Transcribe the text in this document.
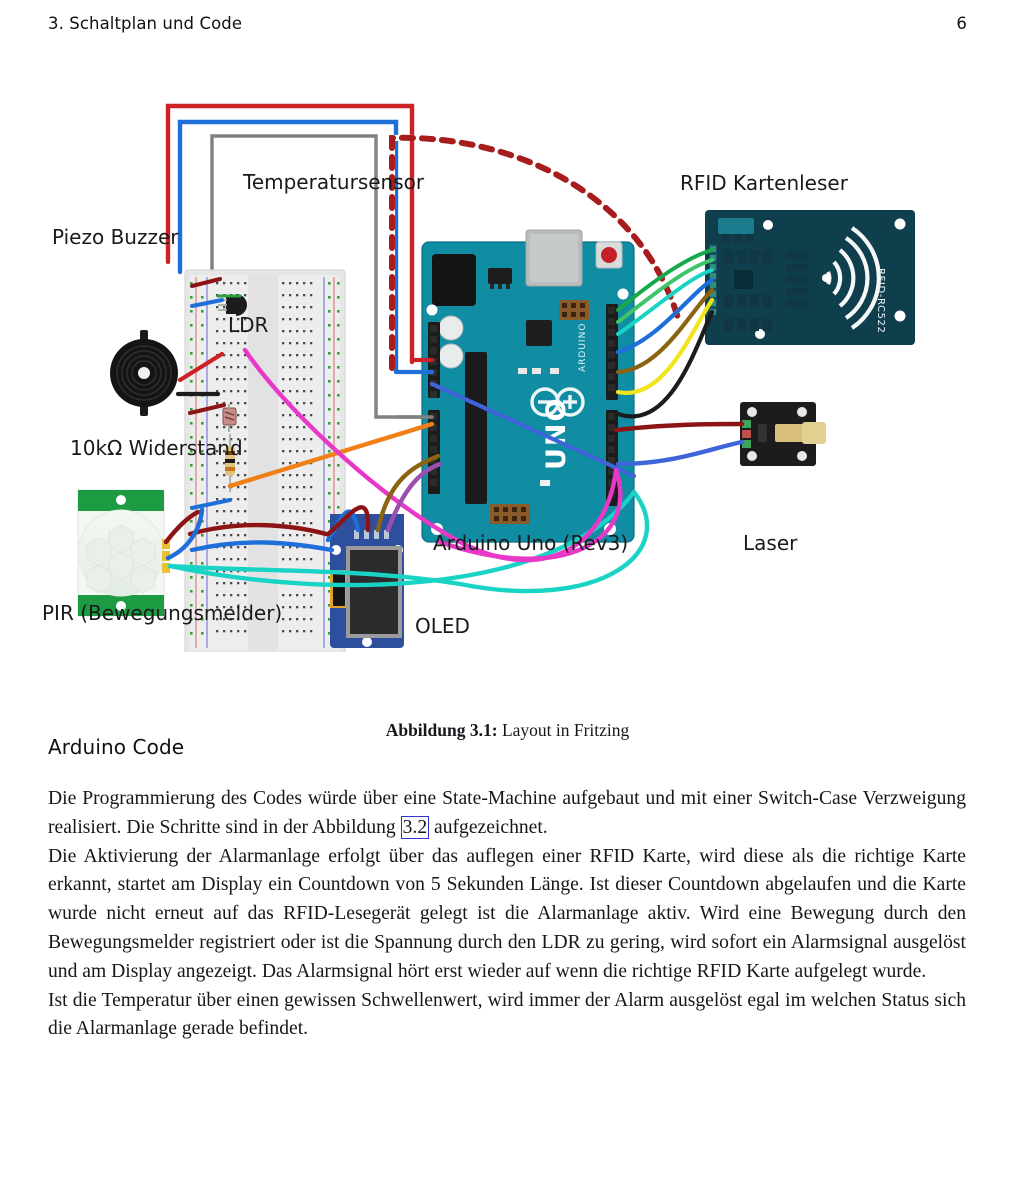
3. Schaltplan und Code	6
UNO
ARDUINO
RFID-RC522
Temperatursensor
Piezo Buzzer
LDR
10kΩ Widerstand
PIR (Bewegungsmelder)
Arduino Uno (Rev3)
RFID Kartenleser
Laser
OLED
Abbildung 3.1: Layout in Fritzing
Arduino Code

Die Programmierung des Codes würde über eine State-Machine aufgebaut und mit einer Switch-Case Verzweigung realisiert. Die Schritte sind in der Abbildung 3.2 aufgezeichnet.

Die Aktivierung der Alarmanlage erfolgt über das auflegen einer RFID Karte, wird diese als die richtige Karte erkannt, startet am Display ein Countdown von 5 Sekunden Länge. Ist dieser Countdown abgelaufen und die Karte wurde nicht erneut auf das RFID-Lesegerät gelegt ist die Alarmanlage aktiv. Wird eine Bewegung durch den Bewegungsmelder registriert oder ist die Spannung durch den LDR zu gering, wird sofort ein Alarmsignal ausgelöst und am Display angezeigt. Das Alarmsignal hört erst wieder auf wenn die richtige RFID Karte aufgelegt wurde.

Ist die Temperatur über einen gewissen Schwellenwert, wird immer der Alarm ausgelöst egal im welchen Status sich die Alarmanlage gerade befindet.
